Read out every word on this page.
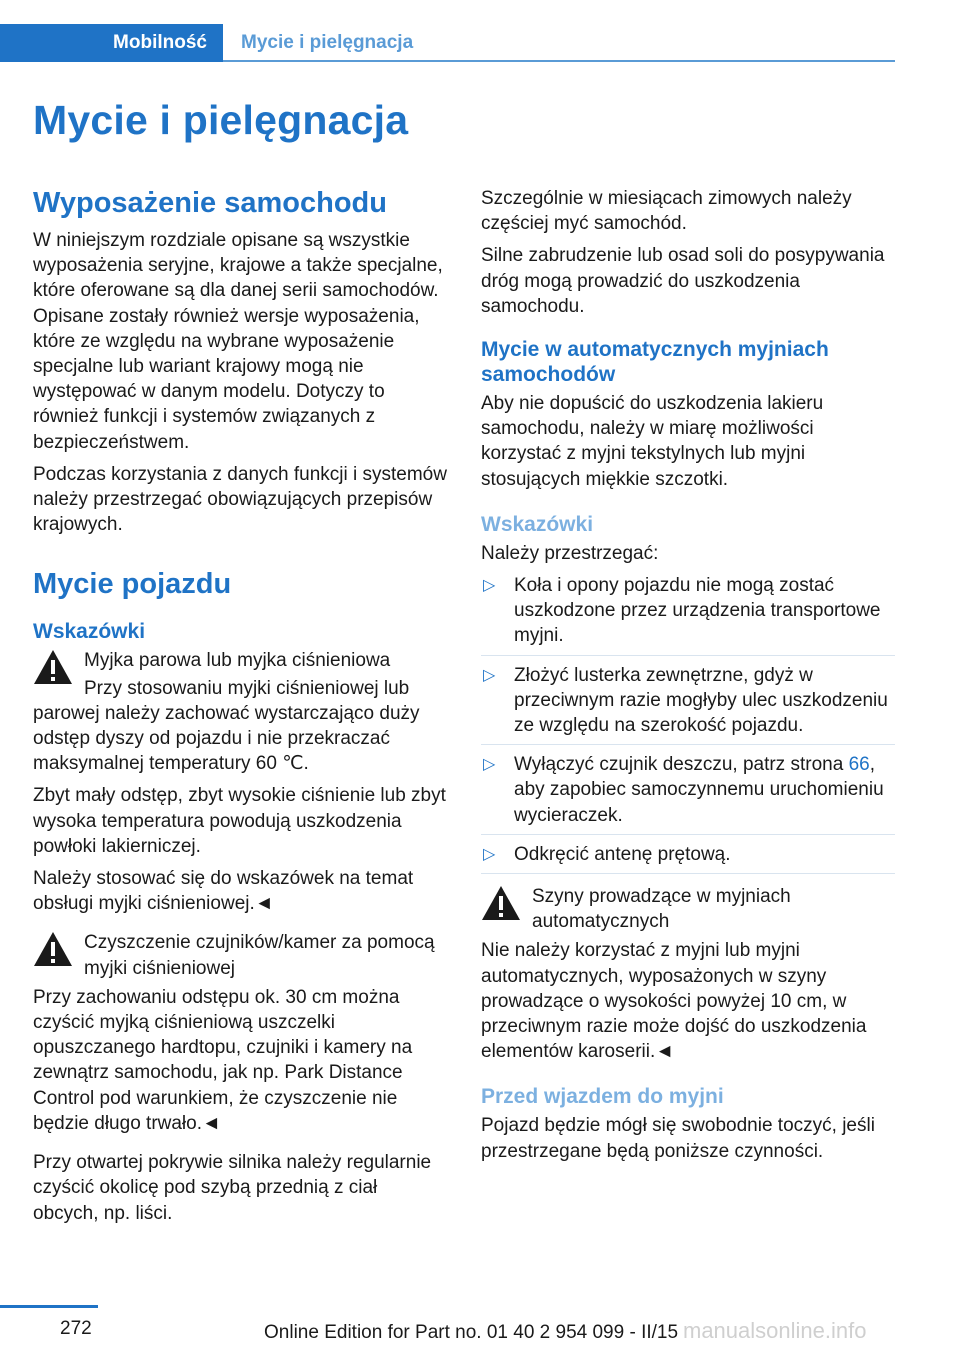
Mobilność Mycie i pielęgnacja
Mycie i pielęgnacja
Wyposażenie samochodu

W niniejszym rozdziale opisane są wszystkie wyposażenia seryjne, krajowe a także specjalne, które oferowane są dla danej serii samochodów. Opisane zostały również wersje wyposażenia, które ze względu na wybrane wyposażenie specjalne lub wariant krajowy mogą nie występować w danym modelu. Dotyczy to również funkcji i systemów związanych z bezpieczeństwem.

Podczas korzystania z danych funkcji i systemów należy przestrzegać obowiązujących przepisów krajowych.

Mycie pojazdu
Wskazówki
Myjka parowa lub myjka ciśnieniowa

Przy stosowaniu myjki ciśnieniowej lub parowej należy zachować wystarczająco duży odstęp dyszy od pojazdu i nie przekraczać maksymalnej temperatury 60 ℃.

Zbyt mały odstęp, zbyt wysokie ciśnienie lub zbyt wysoka temperatura powodują uszkodzenia powłoki lakierniczej.

Należy stosować się do wskazówek na temat obsługi myjki ciśnieniowej.◄

Czyszczenie czujników/kamer za pomocą myjki ciśnieniowej

Przy zachowaniu odstępu ok. 30 cm można czyścić myjką ciśnieniową uszczelki opuszczanego hardtopu, czujniki i kamery na zewnątrz samochodu, jak np. Park Distance Control pod warunkiem, że czyszczenie nie będzie długo trwało.◄

Przy otwartej pokrywie silnika należy regularnie czyścić okolicę pod szybą przednią z ciał obcych, np. liści.

Szczególnie w miesiącach zimowych należy częściej myć samochód.

Silne zabrudzenie lub osad soli do posypywania dróg mogą prowadzić do uszkodzenia samochodu.

Mycie w automatycznych myjniach samochodów

Aby nie dopuścić do uszkodzenia lakieru samochodu, należy w miarę możliwości korzystać z myjni tekstylnych lub myjni stosujących miękkie szczotki.

Wskazówki

Należy przestrzegać:

▷ Koła i opony pojazdu nie mogą zostać uszkodzone przez urządzenia transportowe myjni.
▷ Złożyć lusterka zewnętrzne, gdyż w przeciwnym razie mogłyby ulec uszkodzeniu ze względu na szerokość pojazdu.
▷ Wyłączyć czujnik deszczu, patrz strona 66, aby zapobiec samoczynnemu uruchomieniu wycieraczek.
▷ Odkręcić antenę prętową.
Szyny prowadzące w myjniach automatycznych

Nie należy korzystać z myjni lub myjni automatycznych, wyposażonych w szyny prowadzące o wysokości powyżej 10 cm, w przeciwnym razie może dojść do uszkodzenia elementów karoserii.◄

Przed wjazdem do myjni

Pojazd będzie mógł się swobodnie toczyć, jeśli przestrzegane będą poniższe czynności.

272	Online Edition for Part no. 01 40 2 954 099 - II/15 manualsonline.info
